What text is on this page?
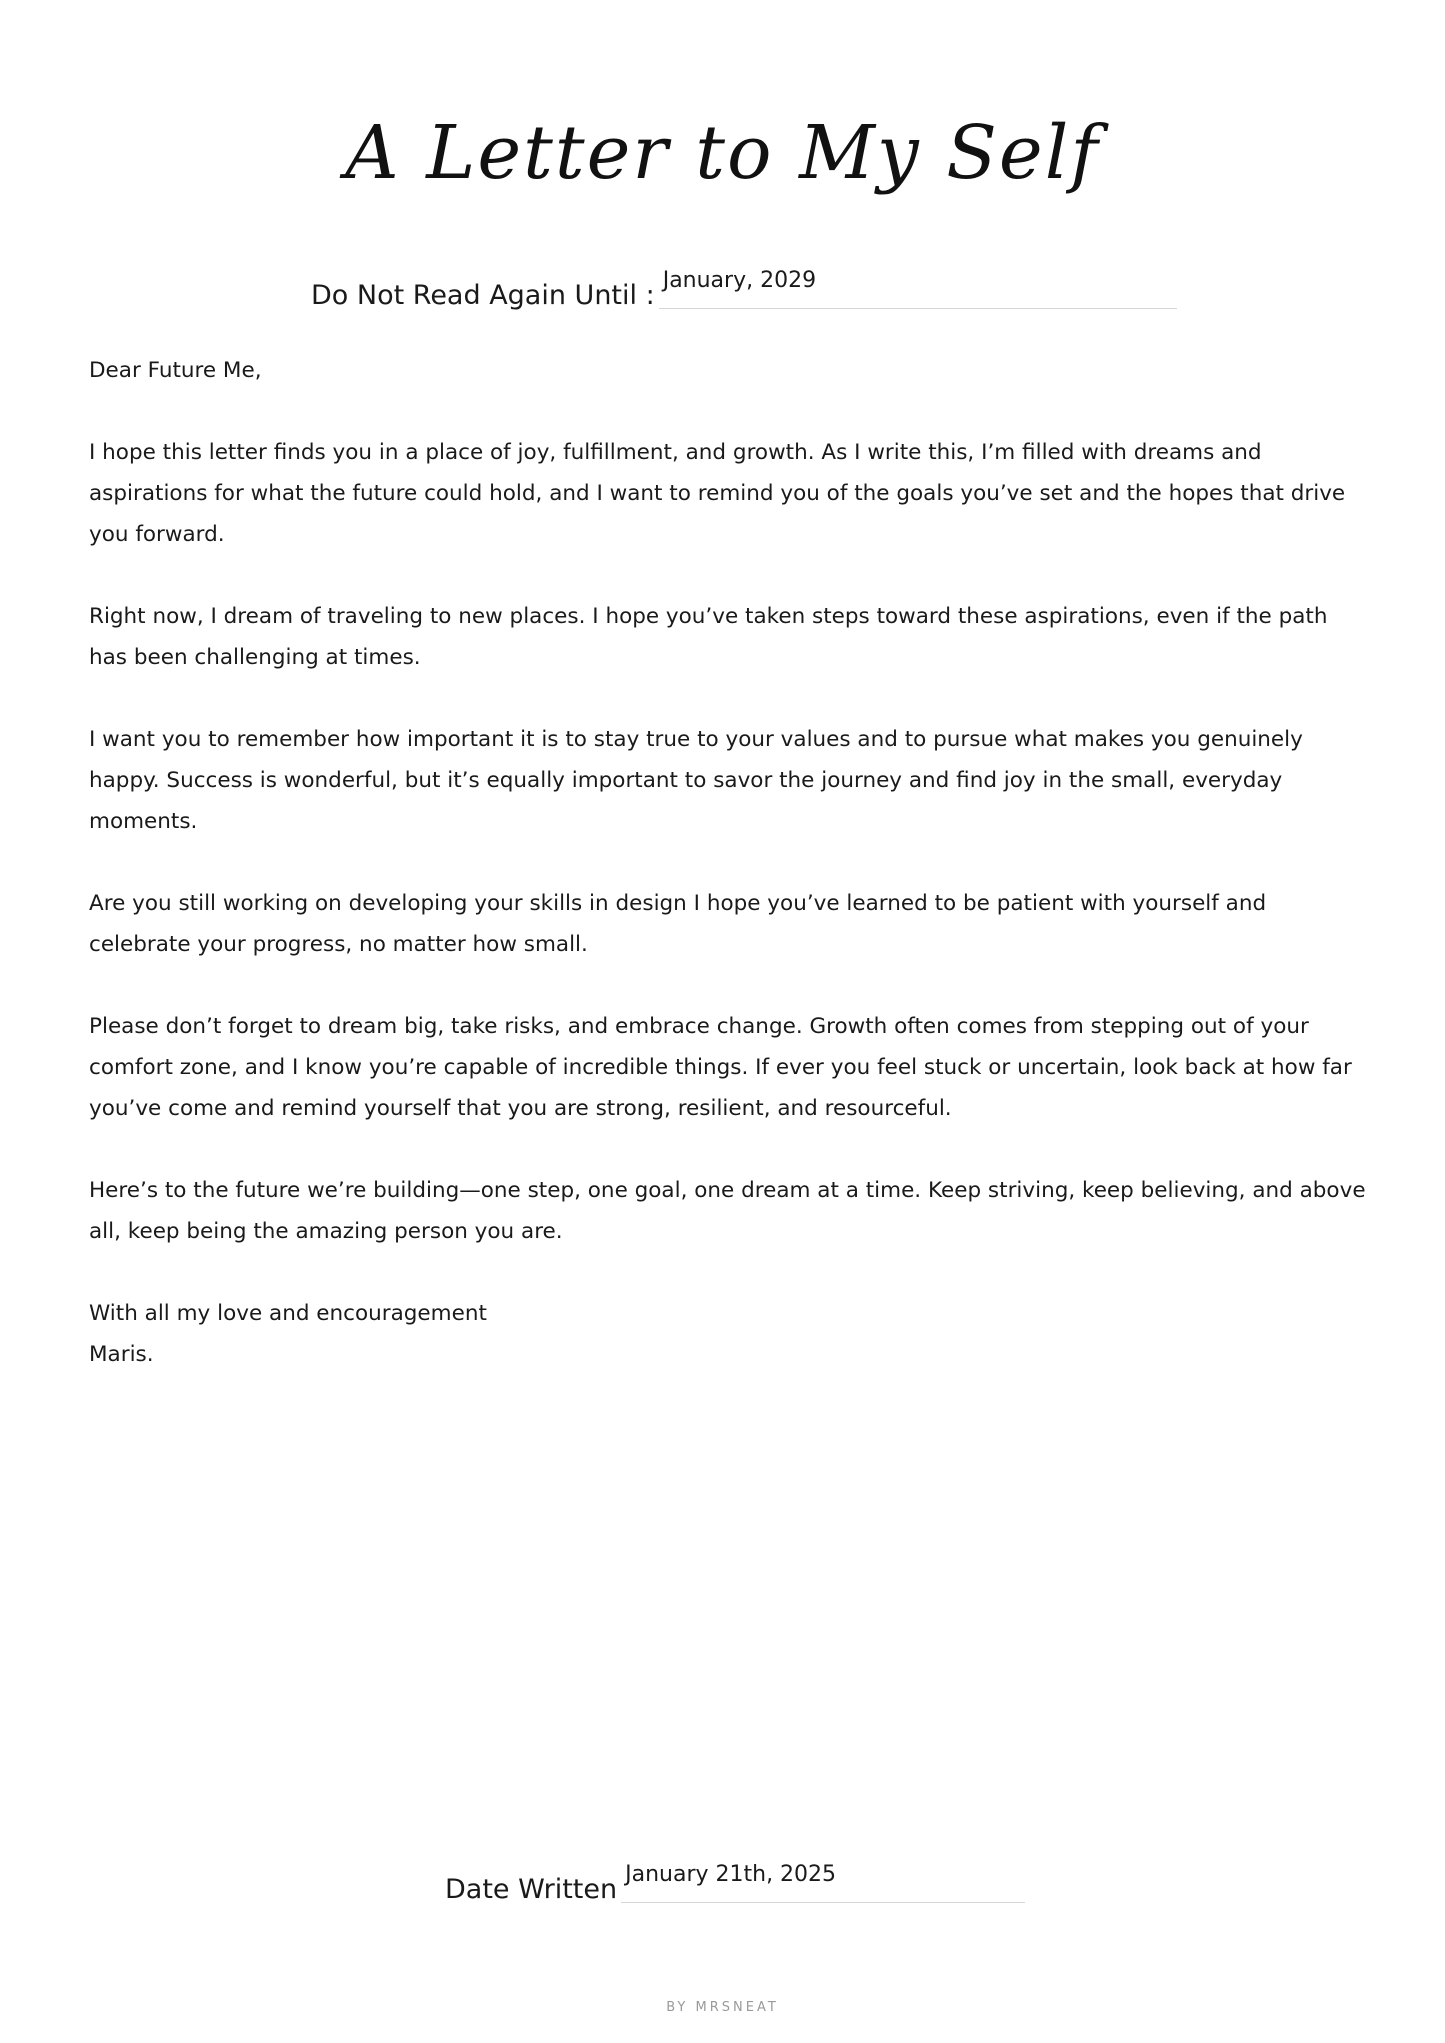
A Letter to My Self
Do Not Read Again Until : January, 2029

Dear Future Me,

I hope this letter finds you in a place of joy, fulfillment, and growth. As I write this, I’m filled with dreams and aspirations for what the future could hold, and I want to remind you of the goals you’ve set and the hopes that drive you forward.

Right now, I dream of traveling to new places. I hope you’ve taken steps toward these aspirations, even if the path has been challenging at times.

I want you to remember how important it is to stay true to your values and to pursue what makes you genuinely happy. Success is wonderful, but it’s equally important to savor the journey and find joy in the small, everyday moments.

Are you still working on developing your skills in design I hope you’ve learned to be patient with yourself and celebrate your progress, no matter how small.

Please don’t forget to dream big, take risks, and embrace change. Growth often comes from stepping out of your comfort zone, and I know you’re capable of incredible things. If ever you feel stuck or uncertain, look back at how far you’ve come and remind yourself that you are strong, resilient, and resourceful.

Here’s to the future we’re building—one step, one goal, one dream at a time. Keep striving, keep believing, and above all, keep being the amazing person you are.

With all my love and encouragement

Maris.

Date Written January 21th, 2025
BY MRSNEAT
